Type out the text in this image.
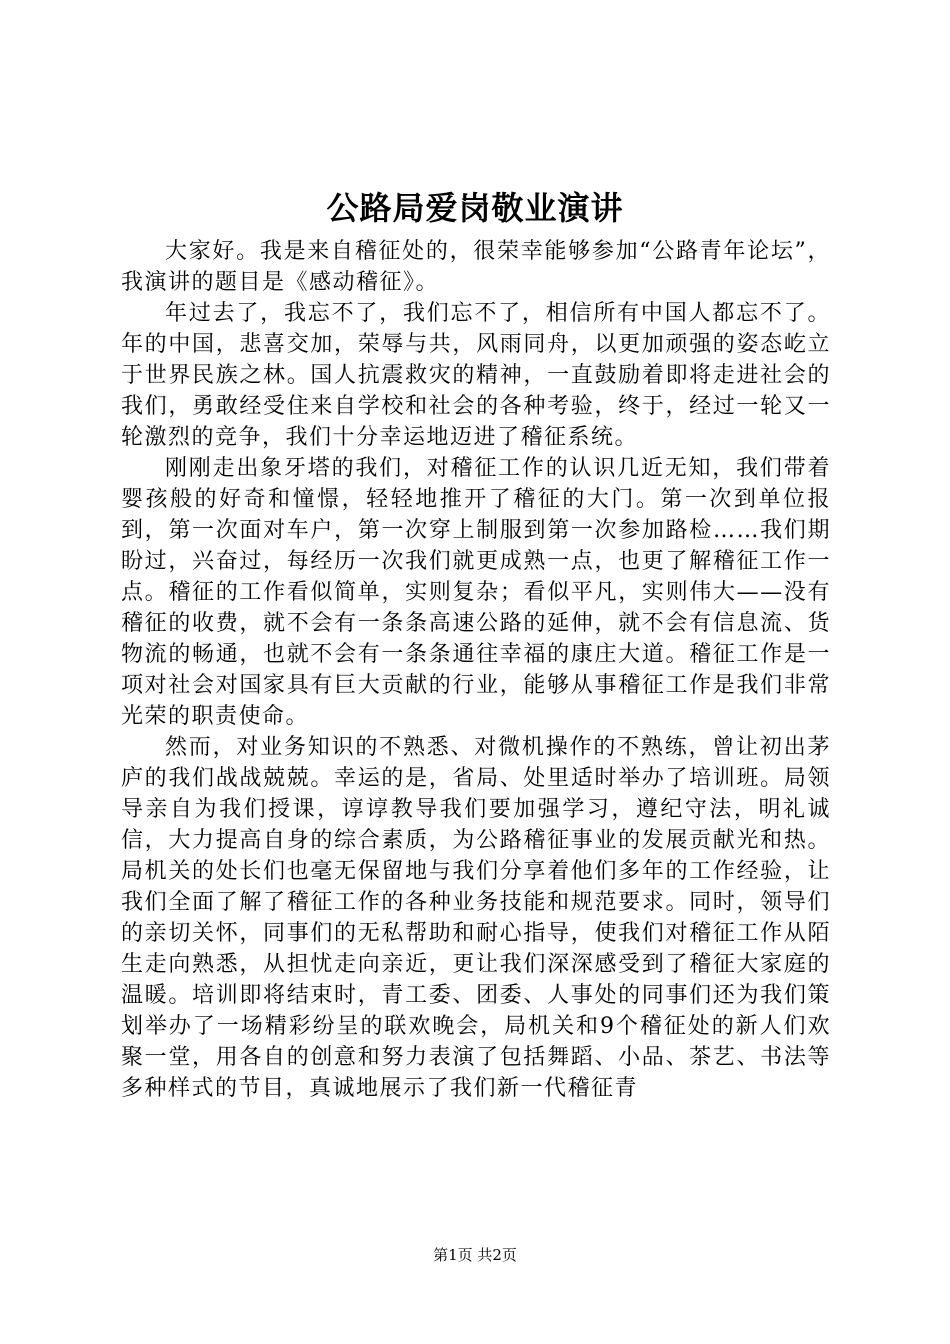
公路局爱岗敬业演讲

大家好。我是来自稽征处的，很荣幸能够参加“公路青年论坛”，我演讲的题目是《感动稽征》。

年过去了，我忘不了，我们忘不了，相信所有中国人都忘不了。年的中国，悲喜交加，荣辱与共，风雨同舟，以更加顽强的姿态屹立于世界民族之林。国人抗震救灾的精神，一直鼓励着即将走进社会的我们，勇敢经受住来自学校和社会的各种考验，终于，经过一轮又一轮激烈的竞争，我们十分幸运地迈进了稽征系统。

刚刚走出象牙塔的我们，对稽征工作的认识几近无知，我们带着婴孩般的好奇和憧憬，轻轻地推开了稽征的大门。第一次到单位报到，第一次面对车户，第一次穿上制服到第一次参加路检……我们期盼过，兴奋过，每经历一次我们就更成熟一点，也更了解稽征工作一点。稽征的工作看似简单，实则复杂；看似平凡，实则伟大——没有稽征的收费，就不会有一条条高速公路的延伸，就不会有信息流、货物流的畅通，也就不会有一条条通往幸福的康庄大道。稽征工作是一项对社会对国家具有巨大贡献的行业，能够从事稽征工作是我们非常光荣的职责使命。

然而，对业务知识的不熟悉、对微机操作的不熟练，曾让初出茅庐的我们战战兢兢。幸运的是，省局、处里适时举办了培训班。局领导亲自为我们授课，谆谆教导我们要加强学习，遵纪守法，明礼诚信，大力提高自身的综合素质，为公路稽征事业的发展贡献光和热。局机关的处长们也毫无保留地与我们分享着他们多年的工作经验，让我们全面了解了稽征工作的各种业务技能和规范要求。同时，领导们的亲切关怀，同事们的无私帮助和耐心指导，使我们对稽征工作从陌生走向熟悉，从担忧走向亲近，更让我们深深感受到了稽征大家庭的温暖。培训即将结束时，青工委、团委、人事处的同事们还为我们策划举办了一场精彩纷呈的联欢晚会，局机关和9个稽征处的新人们欢聚一堂，用各自的创意和努力表演了包括舞蹈、小品、茶艺、书法等多种样式的节目，真诚地展示了我们新一代稽征青

第1页 共2页
